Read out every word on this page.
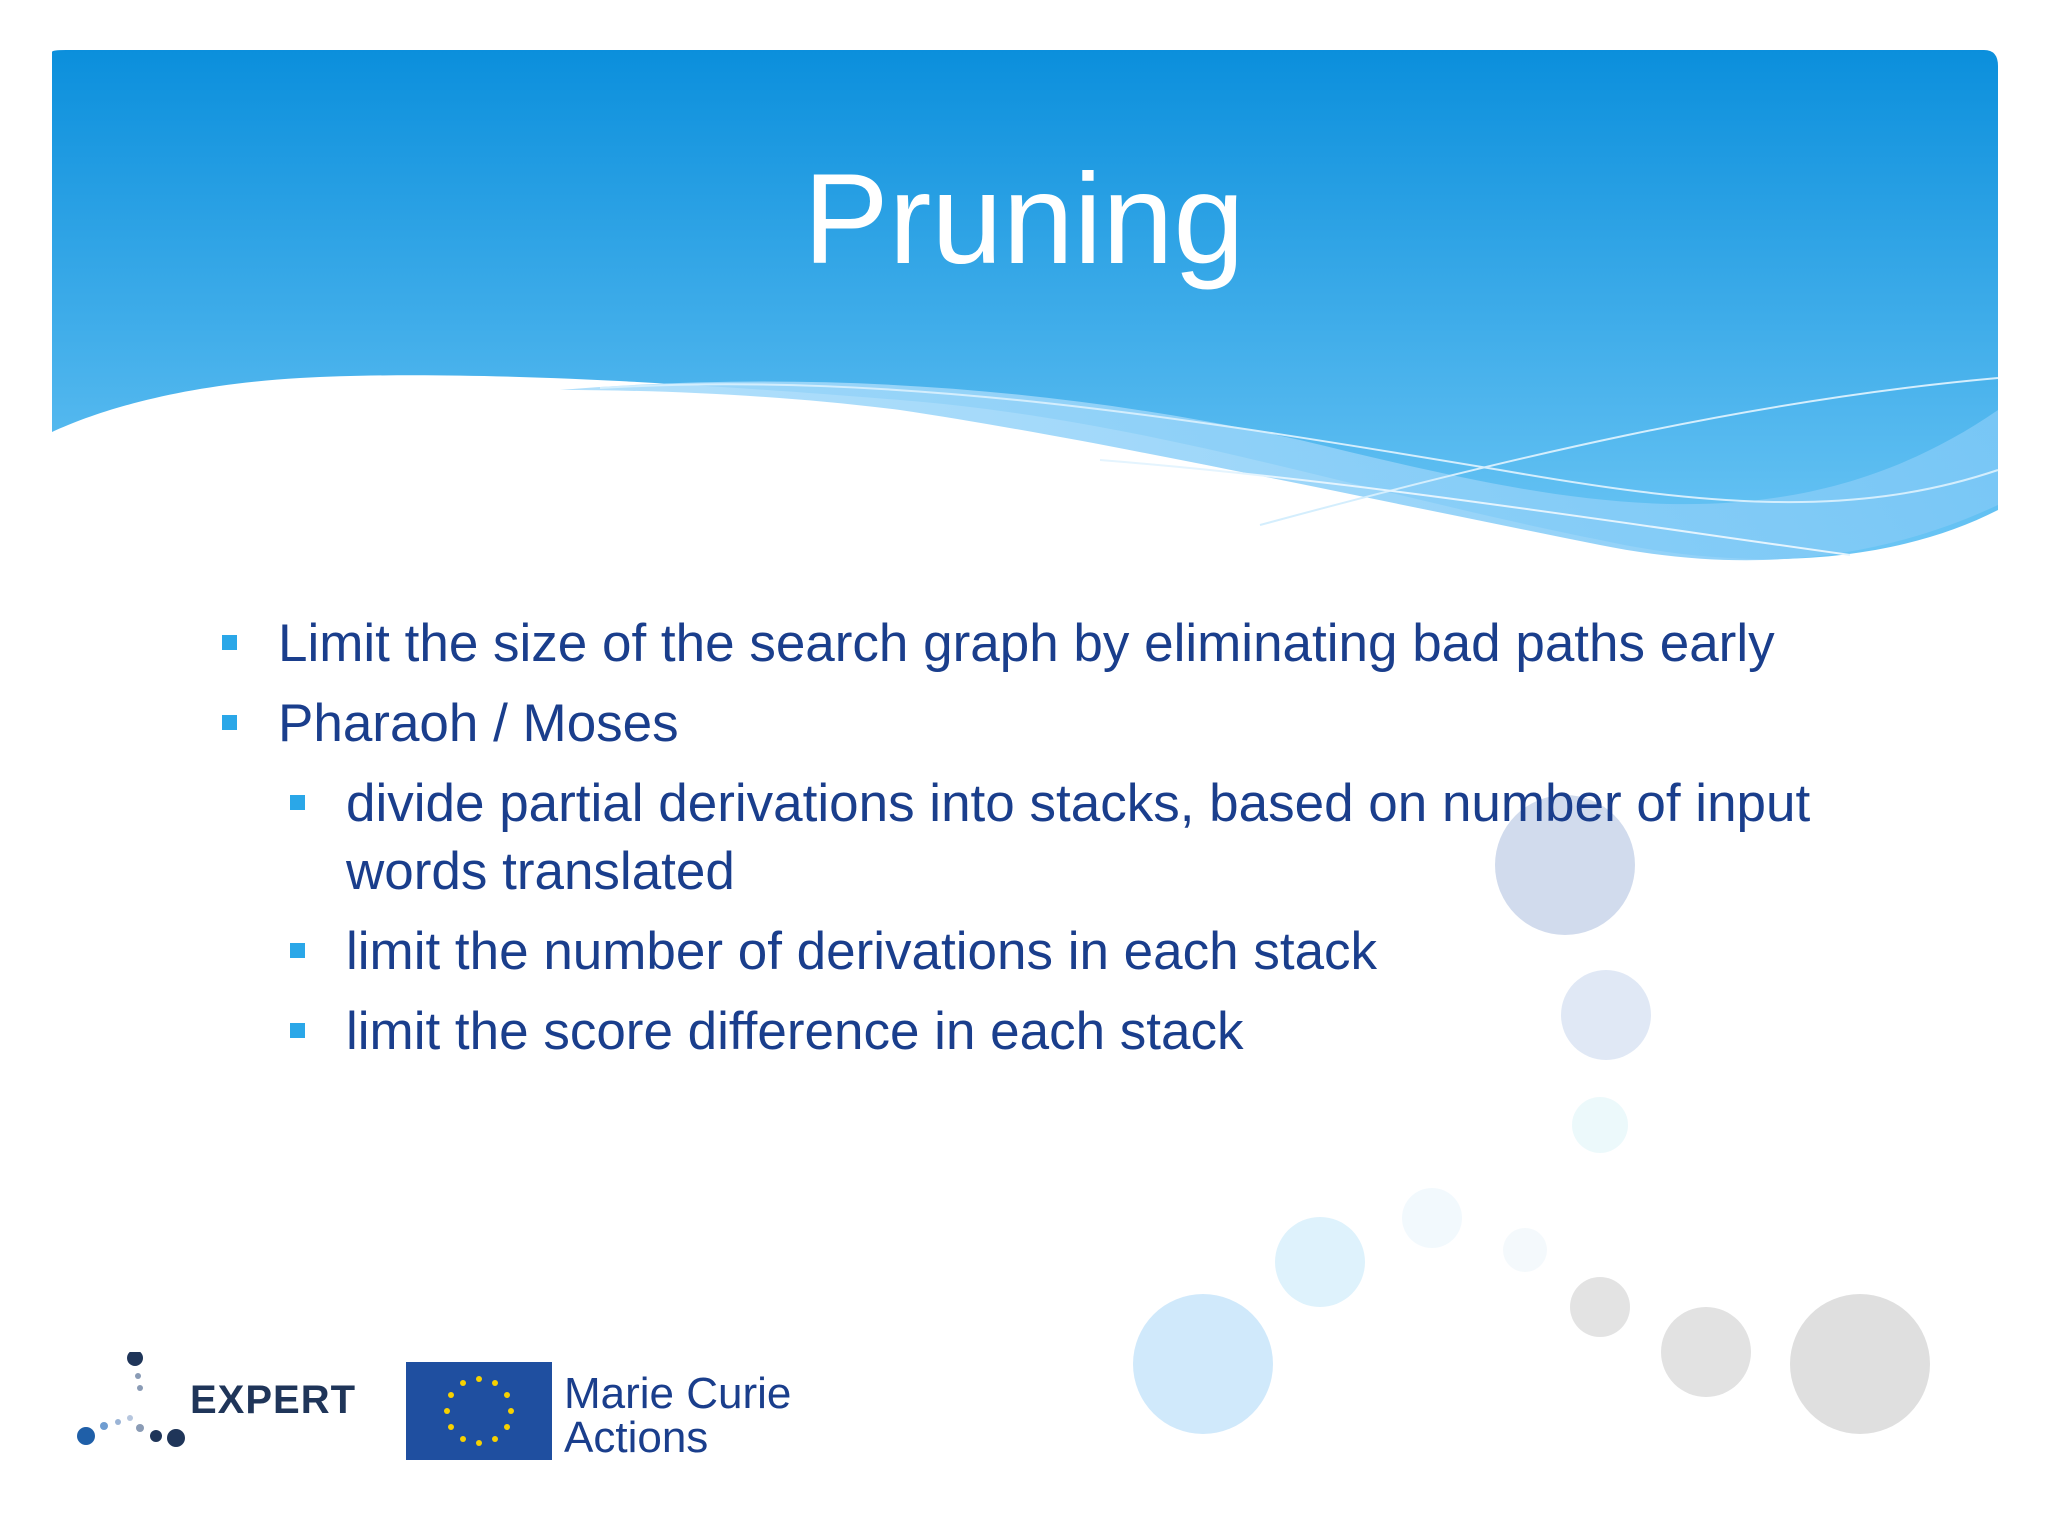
Pruning
Limit the size of the search graph by eliminating bad paths early
Pharaoh / Moses
divide partial derivations into stacks, based on number of input words translated
limit the number of derivations in each stack
limit the score difference in each stack
EXPERT	Marie Curie
Actions
